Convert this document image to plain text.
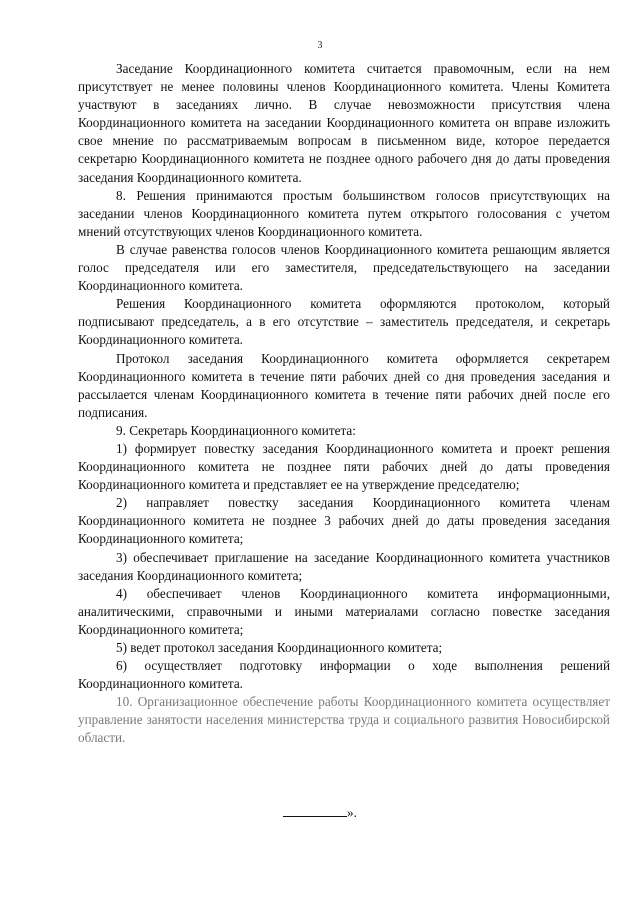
3

Заседание Координационного комитета считается правомочным, если на нем присутствует не менее половины членов Координационного комитета. Члены Комитета участвуют в заседаниях лично. В случае невозможности присутствия члена Координационного комитета на заседании Координационного комитета он вправе изложить свое мнение по рассматриваемым вопросам в письменном виде, которое передается секретарю Координационного комитета не позднее одного рабочего дня до даты проведения заседания Координационного комитета.

8. Решения принимаются простым большинством голосов присутствующих на заседании членов Координационного комитета путем открытого голосования с учетом мнений отсутствующих членов Координационного комитета.

В случае равенства голосов членов Координационного комитета решающим является голос председателя или его заместителя, председательствующего на заседании Координационного комитета.

Решения Координационного комитета оформляются протоколом, который подписывают председатель, а в его отсутствие – заместитель председателя, и секретарь Координационного комитета.

Протокол заседания Координационного комитета оформляется секретарем Координационного комитета в течение пяти рабочих дней со дня проведения заседания и рассылается членам Координационного комитета в течение пяти рабочих дней после его подписания.

9. Секретарь Координационного комитета:

1) формирует повестку заседания Координационного комитета и проект решения Координационного комитета не позднее пяти рабочих дней до даты проведения Координационного комитета и представляет ее на утверждение председателю;

2) направляет повестку заседания Координационного комитета членам Координационного комитета не позднее 3 рабочих дней до даты проведения заседания Координационного комитета;

3) обеспечивает приглашение на заседание Координационного комитета участников заседания Координационного комитета;

4) обеспечивает членов Координационного комитета информационными, аналитическими, справочными и иными материалами согласно повестке заседания Координационного комитета;

5) ведет протокол заседания Координационного комитета;

6) осуществляет подготовку информации о ходе выполнения решений Координационного комитета.

10. Организационное обеспечение работы Координационного комитета осуществляет управление занятости населения министерства труда и социального развития Новосибирской области.

».
